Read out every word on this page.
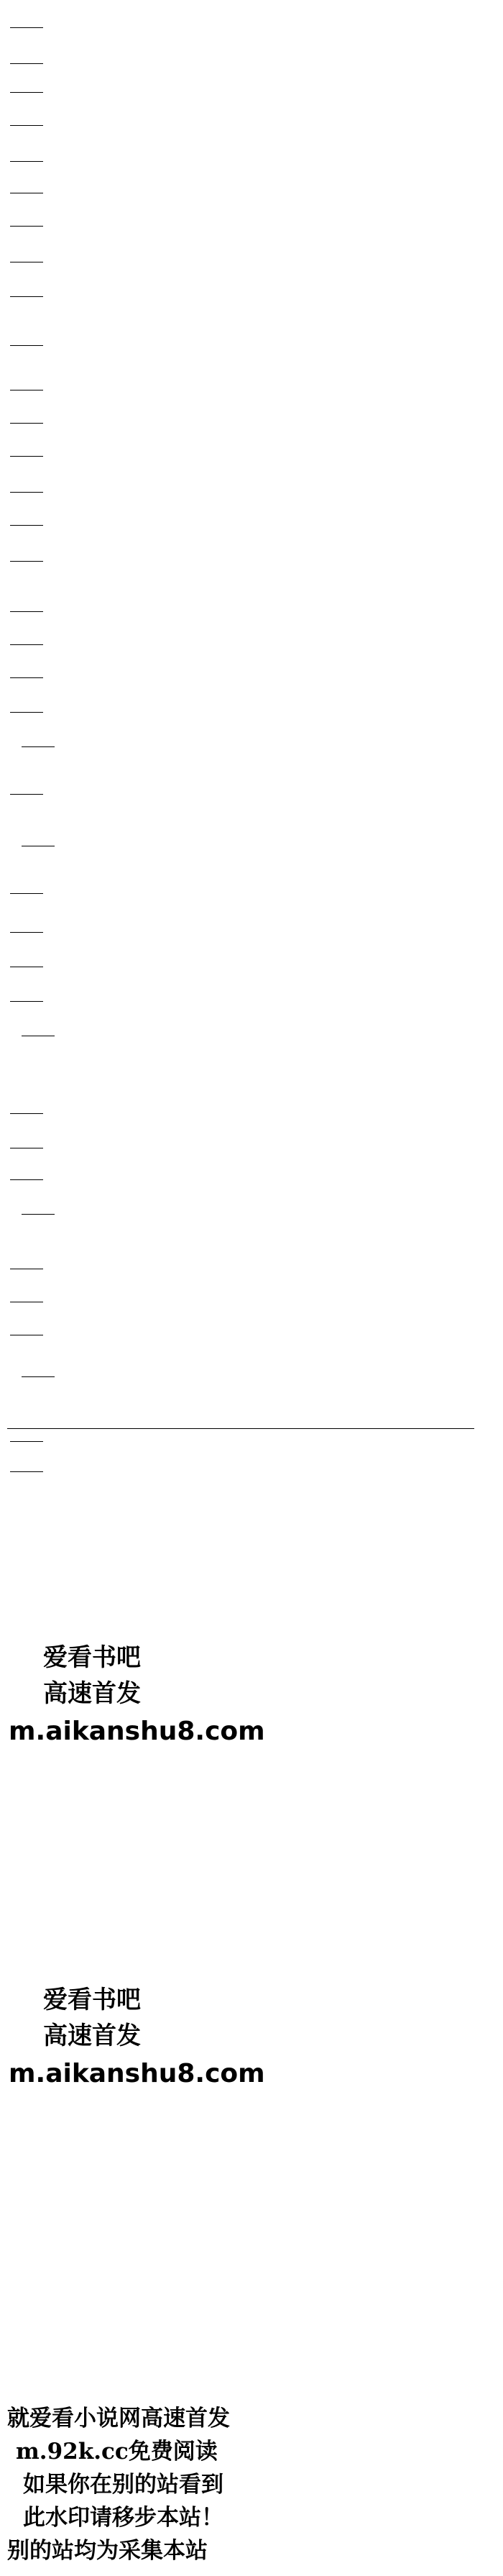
爱看书吧
高速首发
m.aikanshu8.com
爱看书吧
高速首发
m.aikanshu8.com
就爱看小说网高速首发
m.92k.cc免费阅读
如果你在别的站看到
此水印请移步本站！
别的站均为采集本站
